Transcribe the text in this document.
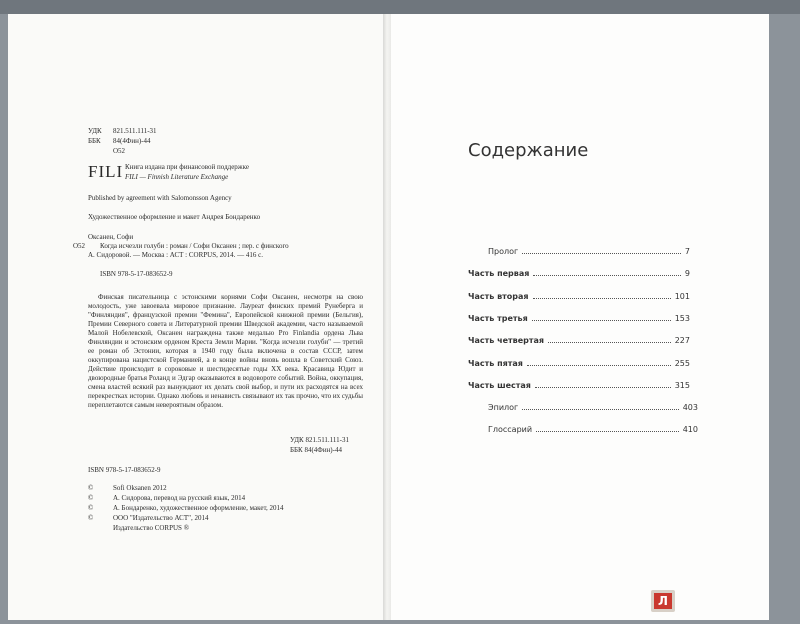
УДК 821.511.111-31
ББК 84(4Фин)-44
О52
FILI Книга издана при финансовой поддержке
FILI — Finnish Literature Exchange
Published by agreement with Salomonsson Agency
Художественное оформление и макет Андрея Бондаренко
Оксанен, Софи
О52 Когда исчезли голуби : роман / Софи Оксанен ; пер. с финского
А. Сидоровой. — Москва : АСТ : CORPUS, 2014. — 416 с.
ISBN 978-5-17-083652-9
Финская писательница с эстонскими корнями Софи Оксанен, несмотря на свою молодость, уже завоевала мировое признание. Лауреат финских премий Рунеберга и "Финляндия", французской премии "Фемина", Европейской книжной премии (Бельгия), Премии Северного совета и Литературной премии Шведской академии, часто называемой Малой Нобелевской, Оксанен награждена также медалью Pro Finlandia ордена Льва Финляндии и эстонским орденом Креста Земли Марии. "Когда исчезли голуби" — третий ее роман об Эстонии, которая в 1940 году была включена в состав СССР, затем оккупирована нацистской Германией, а в конце войны вновь вошла в Советский Союз. Действие происходит в сороковые и шестидесятые годы XX века. Красавица Юдит и двоюродные братья Роланд и Эдгар оказываются в водовороте событий. Война, оккупация, смена властей всякий раз вынуждают их делать свой выбор, и пути их расходятся на всех перекрестках истории. Однако любовь и ненависть связывают их так прочно, что их судьбы переплетаются самым невероятным образом.
УДК 821.511.111-31
ББК 84(4Фин)-44
ISBN 978-5-17-083652-9
©	Sofi Oksanen 2012
©	А. Сидорова, перевод на русский язык, 2014
©	А. Бондаренко, художественное оформление, макет, 2014
©	ООО "Издательство АСТ", 2014
Издательство CORPUS ®
Содержание
Пролог	7
Часть первая	9
Часть вторая	101
Часть третья	153
Часть четвертая	227
Часть пятая	255
Часть шестая	315
Эпилог	403
Глоссарий	410
Л
